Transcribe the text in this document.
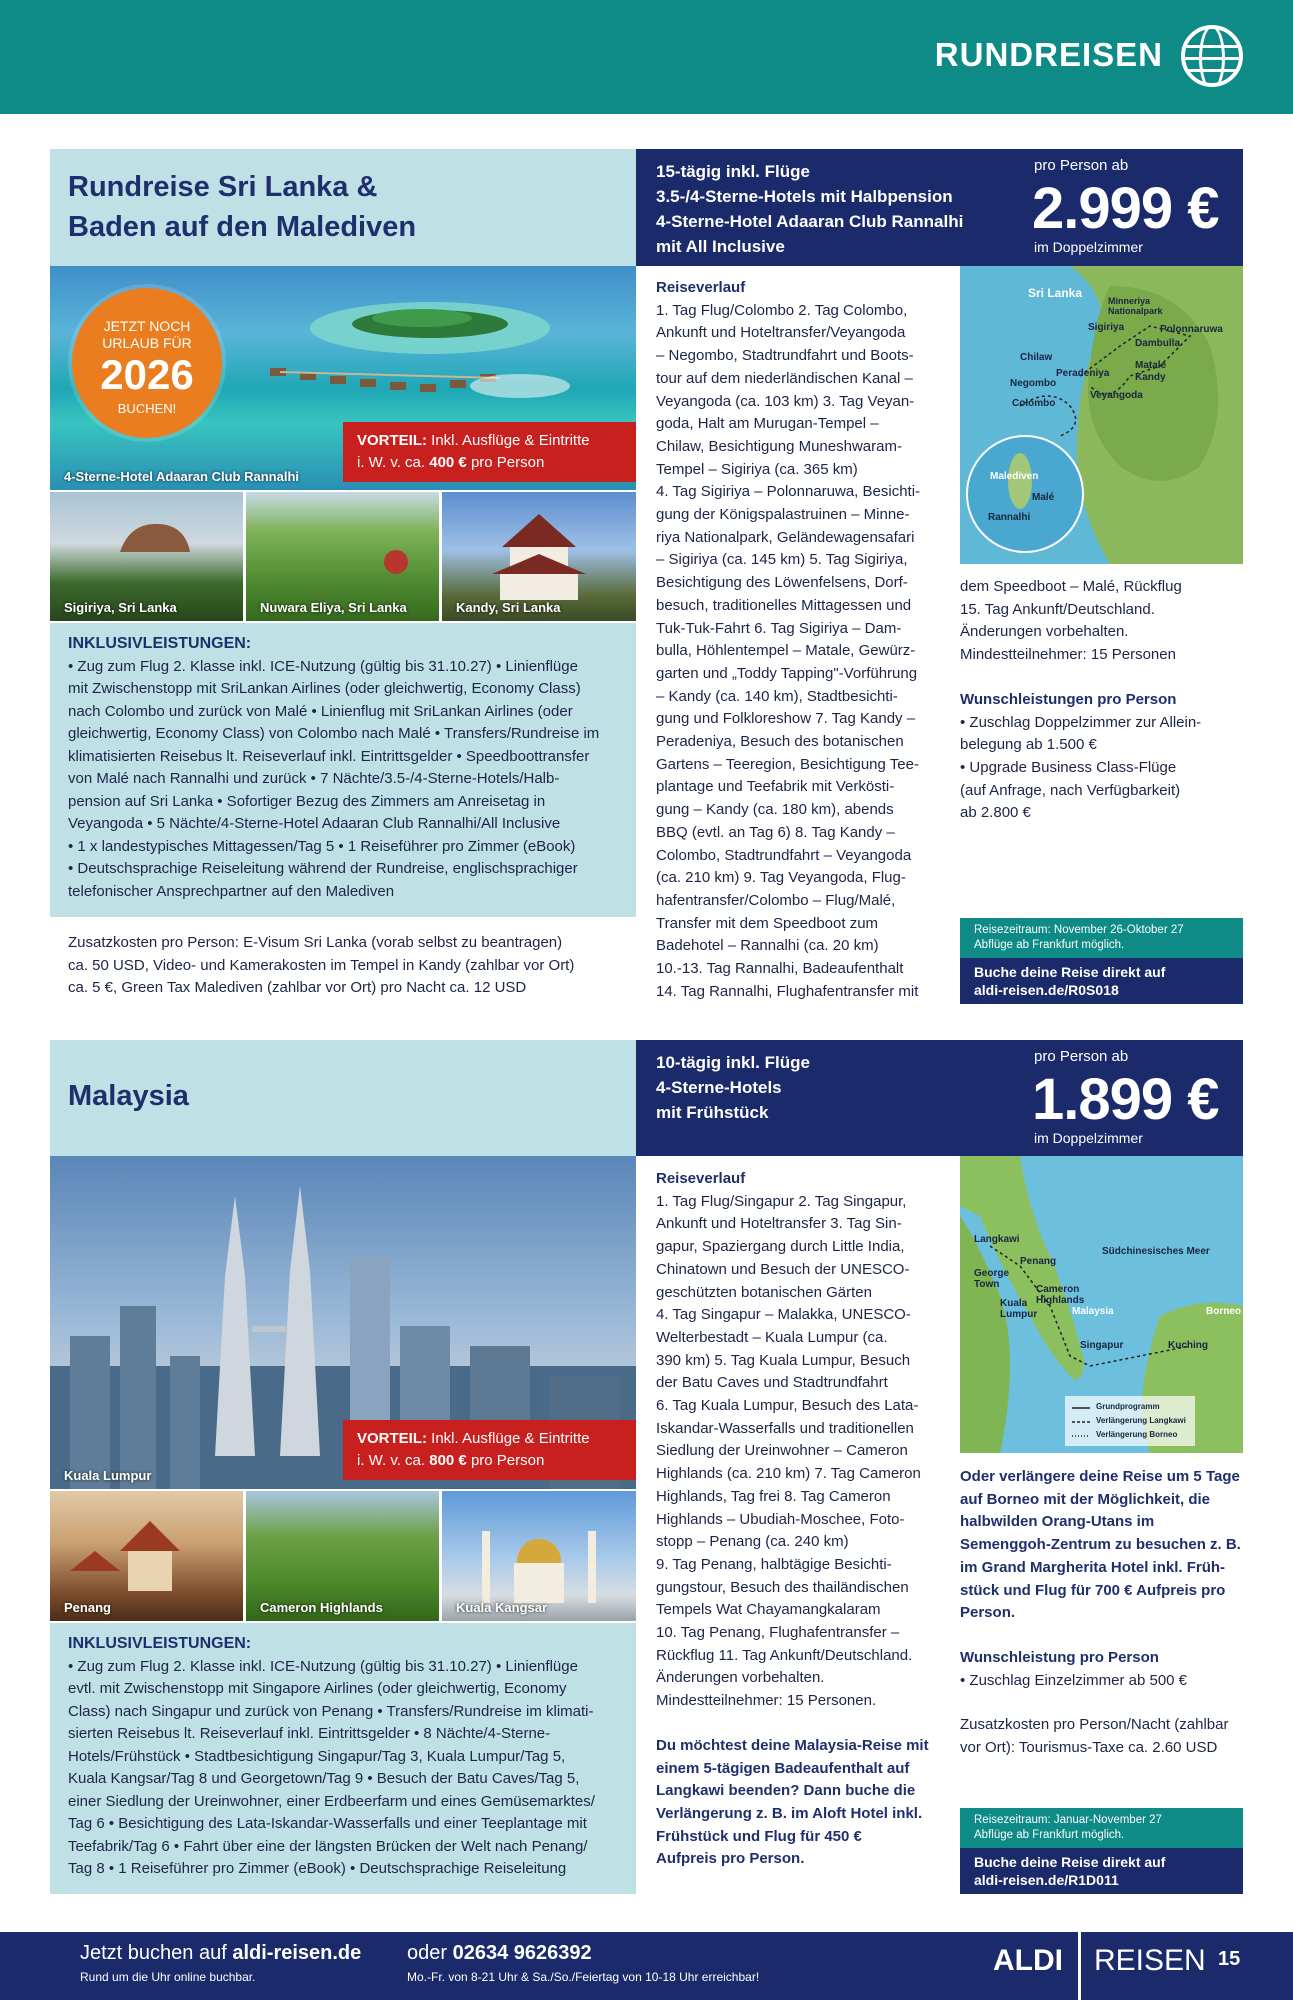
RUNDREISEN
Rundreise Sri Lanka &
Baden auf den Malediven
15-tägig inkl. Flüge
3.5-/4-Sterne-Hotels mit Halbpension
4-Sterne-Hotel Adaaran Club Rannalhi
mit All Inclusive
pro Person ab
2.999 €
im Doppelzimmer
JETZT NOCH
URLAUB FÜR
2026
BUCHEN!
4-Sterne-Hotel Adaaran Club Rannalhi
VORTEIL: Inkl. Ausflüge & Eintritte
i. W. v. ca. 400 € pro Person
Sigiriya, Sri Lanka	Nuwara Eliya, Sri Lanka	Kandy, Sri Lanka
INKLUSIVLEISTUNGEN:
• Zug zum Flug 2. Klasse inkl. ICE-Nutzung (gültig bis 31.10.27) • Linienflüge
mit Zwischenstopp mit SriLankan Airlines (oder gleichwertig, Economy Class)
nach Colombo und zurück von Malé • Linienflug mit SriLankan Airlines (oder
gleichwertig, Economy Class) von Colombo nach Malé • Transfers/Rundreise im
klimatisierten Reisebus lt. Reiseverlauf inkl. Eintrittsgelder • Speedboottransfer
von Malé nach Rannalhi und zurück • 7 Nächte/3.5-/4-Sterne-Hotels/Halb-
pension auf Sri Lanka • Sofortiger Bezug des Zimmers am Anreisetag in
Veyangoda • 5 Nächte/4-Sterne-Hotel Adaaran Club Rannalhi/All Inclusive
• 1 x landestypisches Mittagessen/Tag 5 • 1 Reiseführer pro Zimmer (eBook)
• Deutschsprachige Reiseleitung während der Rundreise, englischsprachiger
telefonischer Ansprechpartner auf den Malediven
Zusatzkosten pro Person: E-Visum Sri Lanka (vorab selbst zu beantragen)
ca. 50 USD, Video- und Kamerakosten im Tempel in Kandy (zahlbar vor Ort)
ca. 5 €, Green Tax Malediven (zahlbar vor Ort) pro Nacht ca. 12 USD
Reiseverlauf
1. Tag Flug/Colombo 2. Tag Colombo,
Ankunft und Hoteltransfer/Veyangoda
– Negombo, Stadtrundfahrt und Boots-
tour auf dem niederländischen Kanal –
Veyangoda (ca. 103 km) 3. Tag Veyan-
goda, Halt am Murugan-Tempel –
Chilaw, Besichtigung Muneshwaram-
Tempel – Sigiriya (ca. 365 km)
4. Tag Sigiriya – Polonnaruwa, Besichti-
gung der Königspalastruinen – Minne-
riya Nationalpark, Geländewagensafari
– Sigiriya (ca. 145 km) 5. Tag Sigiriya,
Besichtigung des Löwenfelsens, Dorf-
besuch, traditionelles Mittagessen und
Tuk-Tuk-Fahrt 6. Tag Sigiriya – Dam-
bulla, Höhlentempel – Matale, Gewürz-
garten und „Toddy Tapping"-Vorführung
– Kandy (ca. 140 km), Stadtbesichti-
gung und Folkloreshow 7. Tag Kandy –
Peradeniya, Besuch des botanischen
Gartens – Teeregion, Besichtigung Tee-
plantage und Teefabrik mit Verkösti-
gung – Kandy (ca. 180 km), abends
BBQ (evtl. an Tag 6) 8. Tag Kandy –
Colombo, Stadtrundfahrt – Veyangoda
(ca. 210 km) 9. Tag Veyangoda, Flug-
hafentransfer/Colombo – Flug/Malé,
Transfer mit dem Speedboot zum
Badehotel – Rannalhi (ca. 20 km)
10.-13. Tag Rannalhi, Badeaufenthalt
14. Tag Rannalhi, Flughafentransfer mit
Sri Lanka
Minneriya Nationalpark
Sigiriya	Polonnaruwa
Dambulla
Chilaw
Matale
Peradeniya	Kandy
Negombo
Veyangoda
Colombo
Malediven
Malé
Rannalhi
dem Speedboot – Malé, Rückflug
15. Tag Ankunft/Deutschland.
Änderungen vorbehalten.
Mindestteilnehmer: 15 Personen
Wunschleistungen pro Person
• Zuschlag Doppelzimmer zur Allein-
belegung ab 1.500 €
• Upgrade Business Class-Flüge
(auf Anfrage, nach Verfügbarkeit)
ab 2.800 €
Reisezeitraum: November 26-Oktober 27
Abflüge ab Frankfurt möglich.
Buche deine Reise direkt auf
aldi-reisen.de/R0S018
Malaysia
10-tägig inkl. Flüge
4-Sterne-Hotels
mit Frühstück
pro Person ab
1.899 €
im Doppelzimmer
Kuala Lumpur
VORTEIL: Inkl. Ausflüge & Eintritte
i. W. v. ca. 800 € pro Person
Penang	Cameron Highlands	Kuala Kangsar
INKLUSIVLEISTUNGEN:
• Zug zum Flug 2. Klasse inkl. ICE-Nutzung (gültig bis 31.10.27) • Linienflüge
evtl. mit Zwischenstopp mit Singapore Airlines (oder gleichwertig, Economy
Class) nach Singapur und zurück von Penang • Transfers/Rundreise im klimati-
sierten Reisebus lt. Reiseverlauf inkl. Eintrittsgelder • 8 Nächte/4-Sterne-
Hotels/Frühstück • Stadtbesichtigung Singapur/Tag 3, Kuala Lumpur/Tag 5,
Kuala Kangsar/Tag 8 und Georgetown/Tag 9 • Besuch der Batu Caves/Tag 5,
einer Siedlung der Ureinwohner, einer Erdbeerfarm und eines Gemüsemarktes/
Tag 6 • Besichtigung des Lata-Iskandar-Wasserfalls und einer Teeplantage mit
Teefabrik/Tag 6 • Fahrt über eine der längsten Brücken der Welt nach Penang/
Tag 8 • 1 Reiseführer pro Zimmer (eBook) • Deutschsprachige Reiseleitung
Reiseverlauf
1. Tag Flug/Singapur 2. Tag Singapur,
Ankunft und Hoteltransfer 3. Tag Sin-
gapur, Spaziergang durch Little India,
Chinatown und Besuch der UNESCO-
geschützten botanischen Gärten
4. Tag Singapur – Malakka, UNESCO-
Welterbestadt – Kuala Lumpur (ca.
390 km) 5. Tag Kuala Lumpur, Besuch
der Batu Caves und Stadtrundfahrt
6. Tag Kuala Lumpur, Besuch des Lata-
Iskandar-Wasserfalls und traditionellen
Siedlung der Ureinwohner – Cameron
Highlands (ca. 210 km) 7. Tag Cameron
Highlands, Tag frei 8. Tag Cameron
Highlands – Ubudiah-Moschee, Foto-
stopp – Penang (ca. 240 km)
9. Tag Penang, halbtägige Besichti-
gungstour, Besuch des thailändischen
Tempels Wat Chayamangkalaram
10. Tag Penang, Flughafentransfer –
Rückflug 11. Tag Ankunft/Deutschland.
Änderungen vorbehalten.
Mindestteilnehmer: 15 Personen.
Du möchtest deine Malaysia-Reise mit
einem 5-tägigen Badeaufenthalt auf
Langkawi beenden? Dann buche die
Verlängerung z. B. im Aloft Hotel inkl.
Frühstück und Flug für 450 €
Aufpreis pro Person.
Langkawi
Penang
George Town	Cameron Highlands
Kuala Lumpur	Malaysia
Südchinesisches Meer
Singapur	Kuching
Borneo
Grundprogramm
Verlängerung Langkawi
Verlängerung Borneo
Oder verlängere deine Reise um 5 Tage
auf Borneo mit der Möglichkeit, die
halbwilden Orang-Utans im
Semenggoh-Zentrum zu besuchen z. B.
im Grand Margherita Hotel inkl. Früh-
stück und Flug für 700 € Aufpreis pro
Person.
Wunschleistung pro Person
• Zuschlag Einzelzimmer ab 500 €
Zusatzkosten pro Person/Nacht (zahlbar
vor Ort): Tourismus-Taxe ca. 2.60 USD
Reisezeitraum: Januar-November 27
Abflüge ab Frankfurt möglich.
Buche deine Reise direkt auf
aldi-reisen.de/R1D011
Jetzt buchen auf aldi-reisen.de
Rund um die Uhr online buchbar.
oder 02634 9626392
Mo.-Fr. von 8-21 Uhr & Sa./So./Feiertag von 10-18 Uhr erreichbar!	ALDI REISEN 15
